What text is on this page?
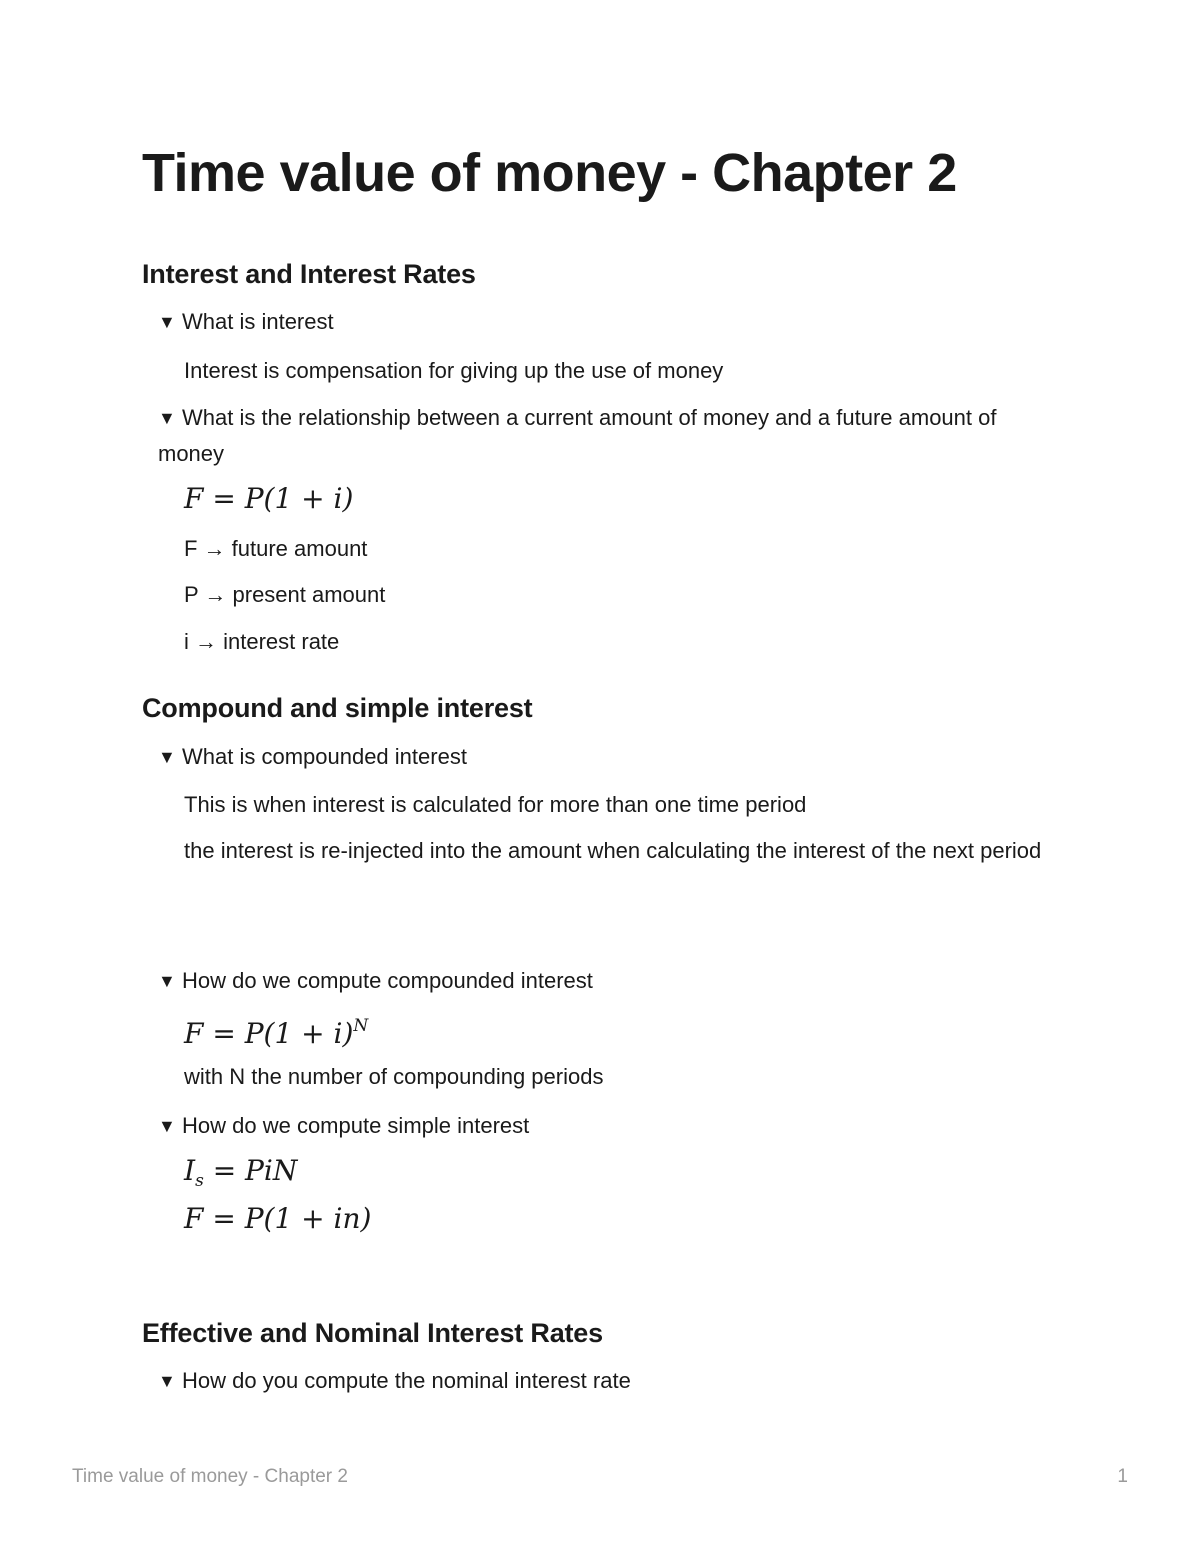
Time value of money - Chapter 2
Interest and Interest Rates
▼ What is interest

Interest is compensation for giving up the use of money

▼ What is the relationship between a current amount of money and a future amount of money

F = P(1 + i)

F → future amount

P → present amount

i → interest rate

Compound and simple interest
▼ What is compounded interest

This is when interest is calculated for more than one time period

the interest is re-injected into the amount when calculating the interest of the next period

▼ How do we compute compounded interest

$F = P(1 + i)^N$

with N the number of compounding periods

▼ How do we compute simple interest

$I_s$ = PiN

F = P(1 + in)

Effective and Nominal Interest Rates
▼ How do you compute the nominal interest rate
Time value of money - Chapter 2	1
